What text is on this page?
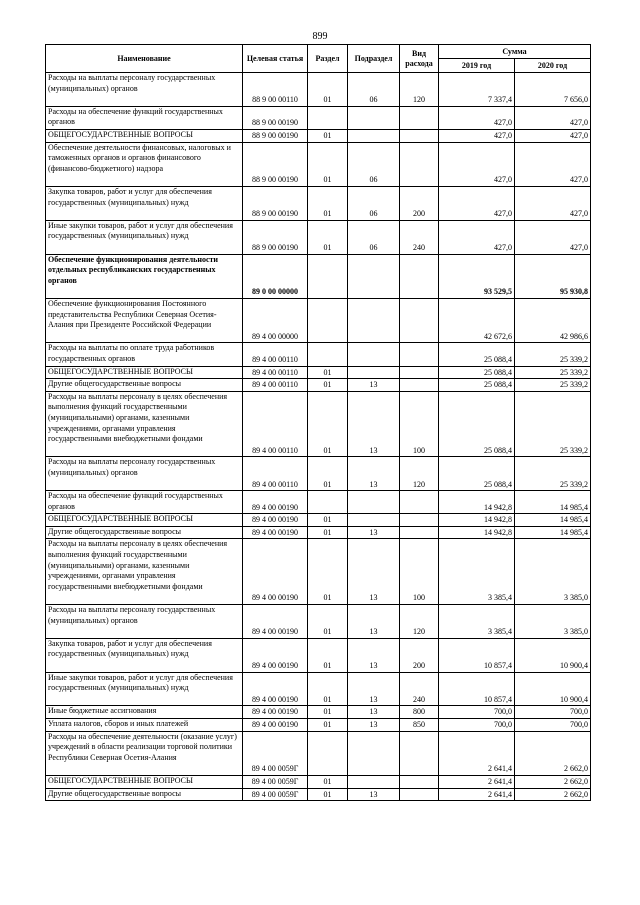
899
Наименование	Целевая статья	Раздел	Подраздел	Вид расхода	Сумма	
					2019 год	2020 год
Расходы на выплаты персоналу государственных (муниципальных) органов	88 9 00 00110	01	06	120	7 337,4	7 656,0
Расходы на обеспечение функций государственных органов	88 9 00 00190				427,0	427,0
ОБЩЕГОСУДАРСТВЕННЫЕ ВОПРОСЫ	88 9 00 00190	01			427,0	427,0
Обеспечение деятельности финансовых, налоговых и таможенных органов и органов финансового (финансово-бюджетного) надзора	88 9 00 00190	01	06		427,0	427,0
Закупка товаров, работ и услуг для обеспечения государственных (муниципальных) нужд	88 9 00 00190	01	06	200	427,0	427,0
Иные закупки товаров, работ и услуг для обеспечения государственных (муниципальных) нужд	88 9 00 00190	01	06	240	427,0	427,0
Обеспечение функционирования деятельности отдельных республиканских государственных органов	89 0 00 00000				93 529,5	95 930,8
Обеспечение функционирования Постоянного представительства Республики Северная Осетия-Алания при Президенте Российской Федерации	89 4 00 00000				42 672,6	42 986,6
Расходы на выплаты по оплате труда работников государственных органов	89 4 00 00110				25 088,4	25 339,2
ОБЩЕГОСУДАРСТВЕННЫЕ ВОПРОСЫ	89 4 00 00110	01			25 088,4	25 339,2
Другие общегосударственные вопросы	89 4 00 00110	01	13		25 088,4	25 339,2
Расходы на выплаты персоналу в целях обеспечения выполнения функций государственными (муниципальными) органами, казенными учреждениями, органами управления государственными внебюджетными фондами	89 4 00 00110	01	13	100	25 088,4	25 339,2
Расходы на выплаты персоналу государственных (муниципальных) органов	89 4 00 00110	01	13	120	25 088,4	25 339,2
Расходы на обеспечение функций государственных органов	89 4 00 00190				14 942,8	14 985,4
ОБЩЕГОСУДАРСТВЕННЫЕ ВОПРОСЫ	89 4 00 00190	01			14 942,8	14 985,4
Другие общегосударственные вопросы	89 4 00 00190	01	13		14 942,8	14 985,4
Расходы на выплаты персоналу в целях обеспечения выполнения функций государственными (муниципальными) органами, казенными учреждениями, органами управления государственными внебюджетными фондами	89 4 00 00190	01	13	100	3 385,4	3 385,0
Расходы на выплаты персоналу государственных (муниципальных) органов	89 4 00 00190	01	13	120	3 385,4	3 385,0
Закупка товаров, работ и услуг для обеспечения государственных (муниципальных) нужд	89 4 00 00190	01	13	200	10 857,4	10 900,4
Иные закупки товаров, работ и услуг для обеспечения государственных (муниципальных) нужд	89 4 00 00190	01	13	240	10 857,4	10 900,4
Иные бюджетные ассигнования	89 4 00 00190	01	13	800	700,0	700,0
Уплата налогов, сборов и иных платежей	89 4 00 00190	01	13	850	700,0	700,0
Расходы на обеспечение деятельности (оказание услуг) учреждений в области реализации торговой политики Республики Северная Осетия-Алания	89 4 00 0059Г				2 641,4	2 662,0
ОБЩЕГОСУДАРСТВЕННЫЕ ВОПРОСЫ	89 4 00 0059Г	01			2 641,4	2 662,0
Другие общегосударственные вопросы	89 4 00 0059Г	01	13		2 641,4	2 662,0
